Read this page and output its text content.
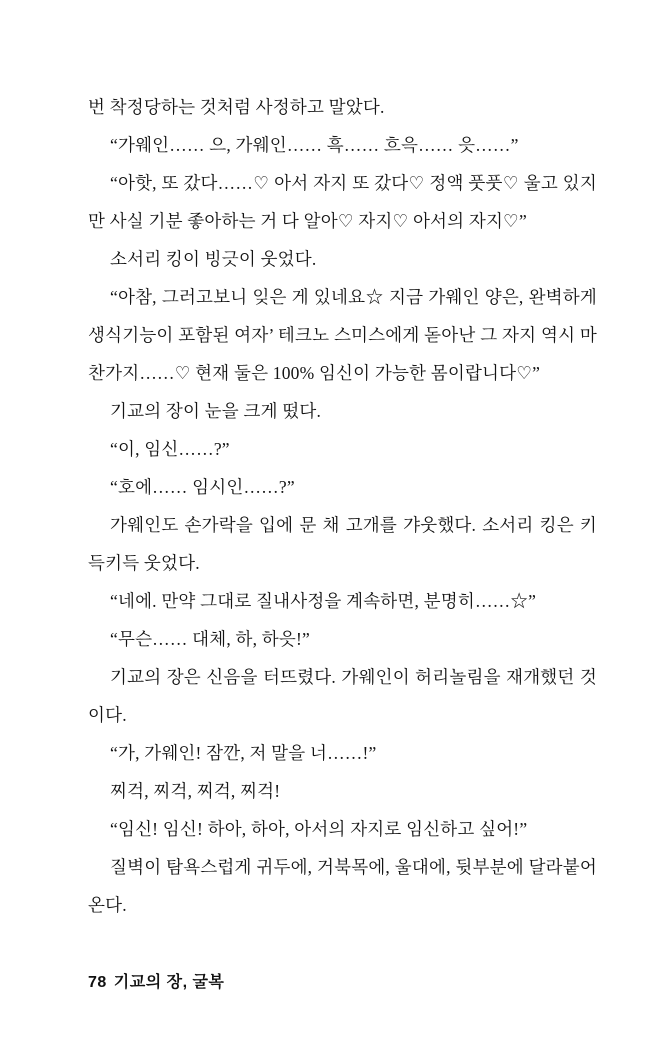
번 착정당하는 것처럼 사정하고 말았다.

“가웨인…… 으, 가웨인…… 흑…… 흐윽…… 읏……”

“아핫, 또 갔다……♡ 아서 자지 또 갔다♡ 정액 풋풋♡ 울고 있지만 사실 기분 좋아하는 거 다 알아♡ 자지♡ 아서의 자지♡”

소서리 킹이 빙긋이 웃었다.

“아참, 그러고보니 잊은 게 있네요☆ 지금 가웨인 양은, 완벽하게 생식기능이 포함된 여자’ 테크노 스미스에게 돋아난 그 자지 역시 마찬가지……♡ 현재 둘은 100% 임신이 가능한 몸이랍니다♡”

기교의 장이 눈을 크게 떴다.

“이, 임신……?”

“호에…… 임시인……?”

가웨인도 손가락을 입에 문 채 고개를 갸웃했다. 소서리 킹은 키득키득 웃었다.

“네에. 만약 그대로 질내사정을 계속하면, 분명히……☆”

“무슨…… 대체, 하, 하읏!”

기교의 장은 신음을 터뜨렸다. 가웨인이 허리놀림을 재개했던 것이다.

“가, 가웨인! 잠깐, 저 말을 너……!”

찌걱, 찌걱, 찌걱, 찌걱!

“임신! 임신! 하아, 하아, 아서의 자지로 임신하고 싶어!”

질벽이 탐욕스럽게 귀두에, 거북목에, 울대에, 뒷부분에 달라붙어온다.

78 기교의 장, 굴복
